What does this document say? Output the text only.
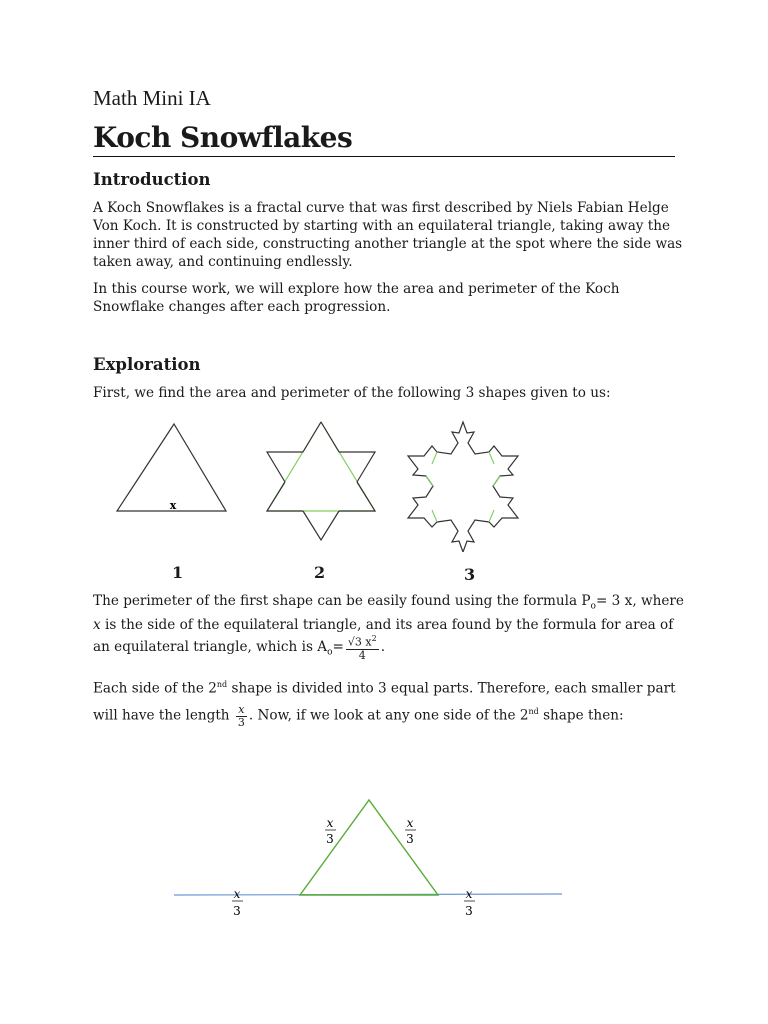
Math Mini IA
Koch Snowflakes
Introduction
A Koch Snowflakes is a fractal curve that was first described by Niels Fabian Helge
Von Koch. It is constructed by starting with an equilateral triangle, taking away the
inner third of each side, constructing another triangle at the spot where the side was
taken away, and continuing endlessly.
In this course work, we will explore how the area and perimeter of the Koch
Snowflake changes after each progression.
Exploration
First, we find the area and perimeter of the following 3 shapes given to us:
x
1	2	3
The perimeter of the first shape can be easily found using the formula $P_o= 3$ x, where
x is the side of the equilateral triangle, and its area found by the formula for area of
an equilateral triangle, which is $A_o= \frac{√3 x^2}{4}$ .
Each side of the 2nd shape is divided into 3 equal parts. Therefore, each smaller part
will have the length $\frac{x}{3}$ . Now, if we look at any one side of the 2nd shape then:
x
3
x
3
x
3
x
3
